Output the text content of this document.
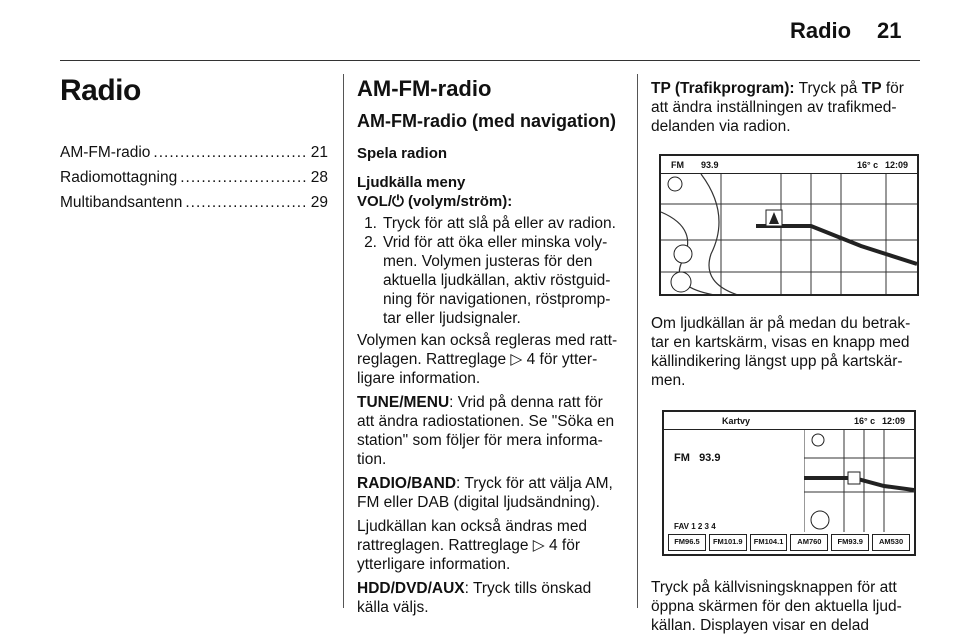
Radio 21
Radio
AM-FM-radio .....	21
Radiomottagning .....	28
Multibandsantenn .....	29
AM-FM-radio
AM-FM-radio (med navigation)
Spela radion
Ljudkälla meny
VOL/⏻ (volym/ström):
1. Tryck för att slå på eller av radion.
2. Vrid för att öka eller minska voly-men. Volymen justeras för den aktuella ljudkällan, aktiv röstguid-ning för navigationen, röstpromp-tar eller ljudsignaler.

Volymen kan också regleras med ratt-reglagen. Rattreglage ▷ 4 för ytter-ligare information.

TUNE/MENU: Vrid på denna ratt för att ändra radiostationen. Se "Söka en station" som följer för mera informa-tion.

RADIO/BAND: Tryck för att välja AM, FM eller DAB (digital ljudsändning).

Ljudkällan kan också ändras med rattreglagen. Rattreglage ▷ 4 för ytterligare information.

HDD/DVD/AUX: Tryck tills önskad källa väljs.

TP (Trafikprogram): Tryck på TP för att ändra inställningen av trafikmed-delanden via radion.

FM 93.9	16° c 12:09

Om ljudkällan är på medan du betrak-tar en kartskärm, visas en knapp med källindikering längst upp på kartskär-men.

Kartvy	16° c 12:09
FM 93.9
FAV 1 2 3 4
FM96.5	FM101.9	FM104.1	AM760	FM93.9	AM530

Tryck på källvisningsknappen för att öppna skärmen för den aktuella ljud-källan. Displayen visar en delad
